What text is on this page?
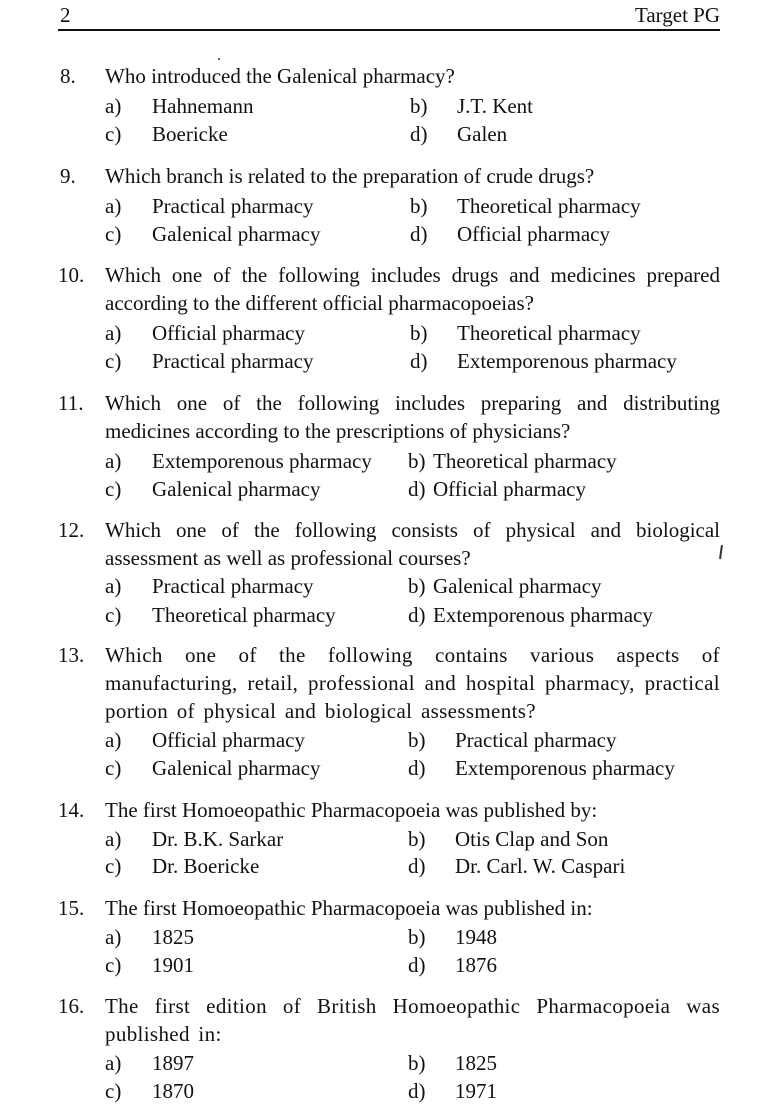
2	Target PG
8. Who introduced the Galenical pharmacy?
a) Hahnemann	b) J.T. Kent
c) Boericke	d) Galen
9. Which branch is related to the preparation of crude drugs?
a) Practical pharmacy	b) Theoretical pharmacy
c) Galenical pharmacy	d) Official pharmacy
10. Which one of the following includes drugs and medicines prepared according to the different official pharmacopoeias?
a) Official pharmacy	b) Theoretical pharmacy
c) Practical pharmacy	d) Extemporenous pharmacy
11. Which one of the following includes preparing and distributing medicines according to the prescriptions of physicians?
a) Extemporenous pharmacy b) Theoretical pharmacy
c) Galenical pharmacy	d) Official pharmacy
12. Which one of the following consists of physical and biological assessment as well as professional courses?
a) Practical pharmacy	b) Galenical pharmacy
c) Theoretical pharmacy	d) Extemporenous pharmacy
13. Which one of the following contains various aspects of manufacturing, retail, professional and hospital pharmacy, practical portion of physical and biological assessments?
a) Official pharmacy	b) Practical pharmacy
c) Galenical pharmacy	d) Extemporenous pharmacy
14. The first Homoeopathic Pharmacopoeia was published by:
a) Dr. B.K. Sarkar	b) Otis Clap and Son
c) Dr. Boericke	d) Dr. Carl. W. Caspari
15. The first Homoeopathic Pharmacopoeia was published in:
a) 1825	b) 1948
c) 1901	d) 1876
16. The first edition of British Homoeopathic Pharmacopoeia was published in:
a) 1897	b) 1825
c) 1870	d) 1971
